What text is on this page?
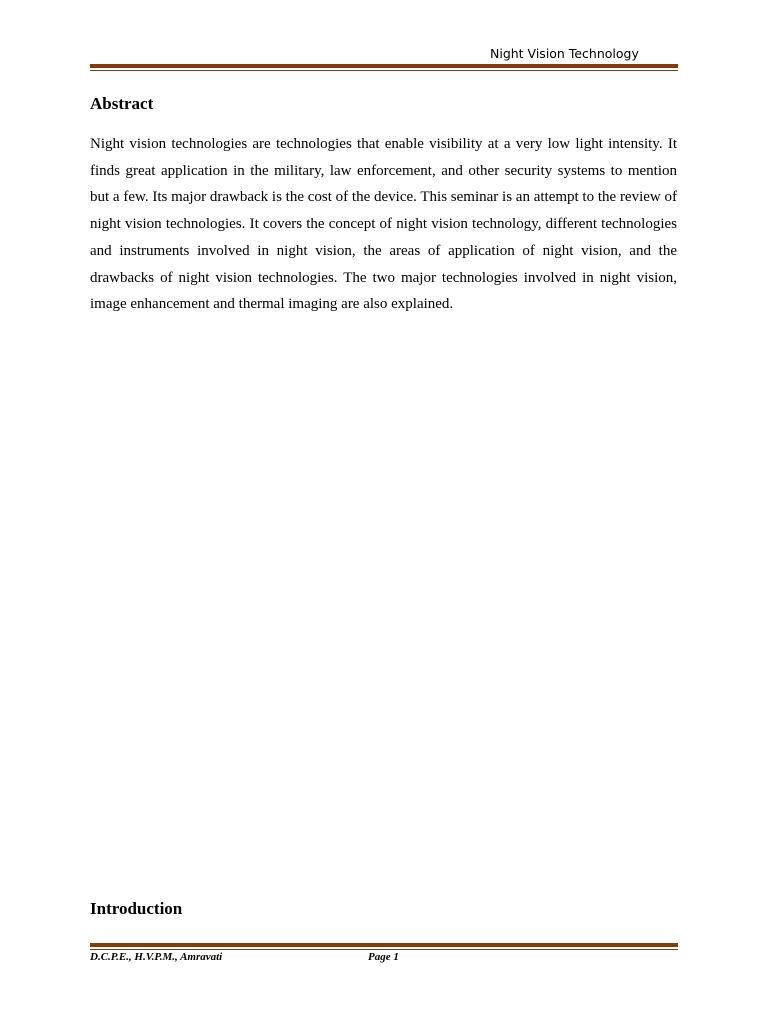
Night Vision Technology
Abstract

Night vision technologies are technologies that enable visibility at a very low light intensity. It finds great application in the military, law enforcement, and other security systems to mention but a few. Its major drawback is the cost of the device. This seminar is an attempt to the review of night vision technologies. It covers the concept of night vision technology, different technologies and instruments involved in night vision, the areas of application of night vision, and the drawbacks of night vision technologies. The two major technologies involved in night vision, image enhancement and thermal imaging are also explained.

Introduction
D.C.P.E., H.V.P.M., Amravati	Page 1
